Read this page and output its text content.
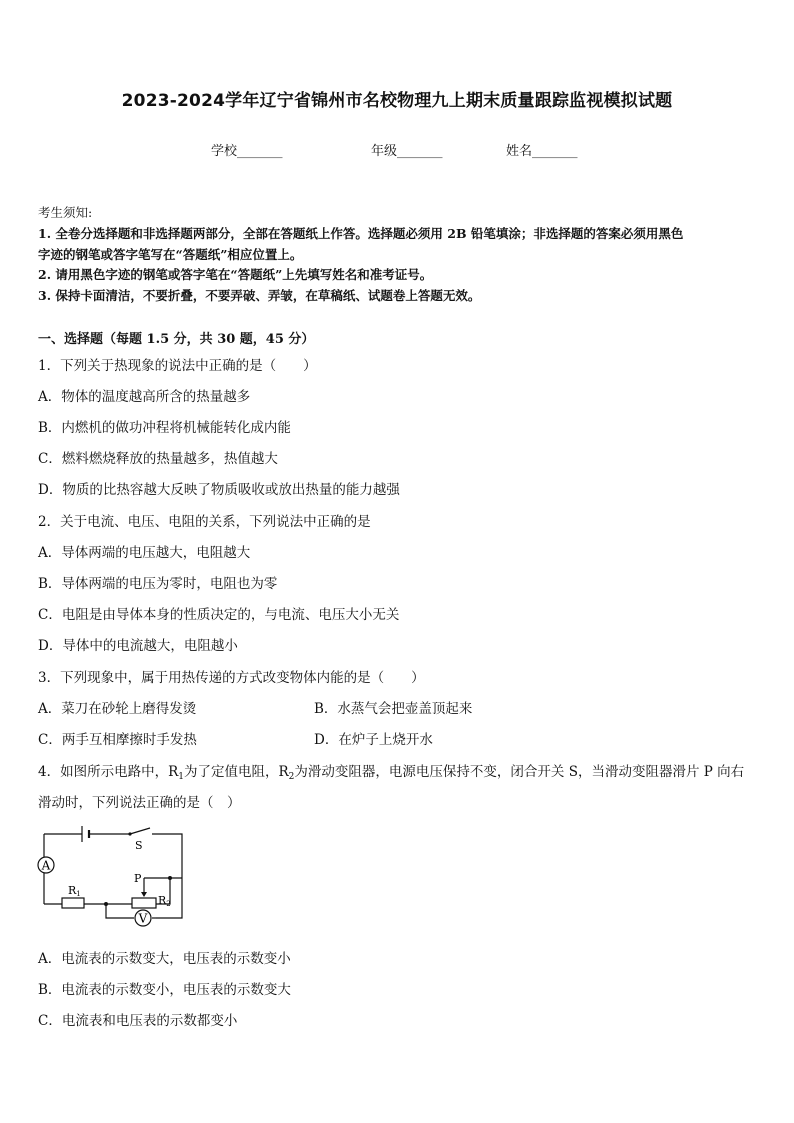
2023-2024学年辽宁省锦州市名校物理九上期末质量跟踪监视模拟试题
学校_______	年级_______	姓名_______
考生须知:
1. 全卷分选择题和非选择题两部分，全部在答题纸上作答。选择题必须用 2B 铅笔填涂；非选择题的答案必须用黑色
字迹的钢笔或答字笔写在“答题纸”相应位置上。
2. 请用黑色字迹的钢笔或答字笔在“答题纸”上先填写姓名和准考证号。
3. 保持卡面清洁，不要折叠，不要弄破、弄皱，在草稿纸、试题卷上答题无效。
一、选择题（每题 1.5 分，共 30 题，45 分）
1．下列关于热现象的说法中正确的是（　　）
A．物体的温度越高所含的热量越多
B．内燃机的做功冲程将机械能转化成内能
C．燃料燃烧释放的热量越多，热值越大
D．物质的比热容越大反映了物质吸收或放出热量的能力越强
2．关于电流、电压、电阻的关系，下列说法中正确的是
A．导体两端的电压越大，电阻越大
B．导体两端的电压为零时，电阻也为零
C．电阻是由导体本身的性质决定的，与电流、电压大小无关
D．导体中的电流越大，电阻越小
3．下列现象中，属于用热传递的方式改变物体内能的是（　　）
A．菜刀在砂轮上磨得发烫	B．水蒸气会把壶盖顶起来
C．两手互相摩擦时手发热	D．在炉子上烧开水
4．如图所示电路中，$R_1$为了定值电阻，$R_2$为滑动变阻器，电源电压保持不变，闭合开关 S，当滑动变阻器滑片 P 向右
滑动时，下列说法正确的是（　）
A
V
S
P
R1	R2
A．电流表的示数变大，电压表的示数变小
B．电流表的示数变小，电压表的示数变大
C．电流表和电压表的示数都变小
